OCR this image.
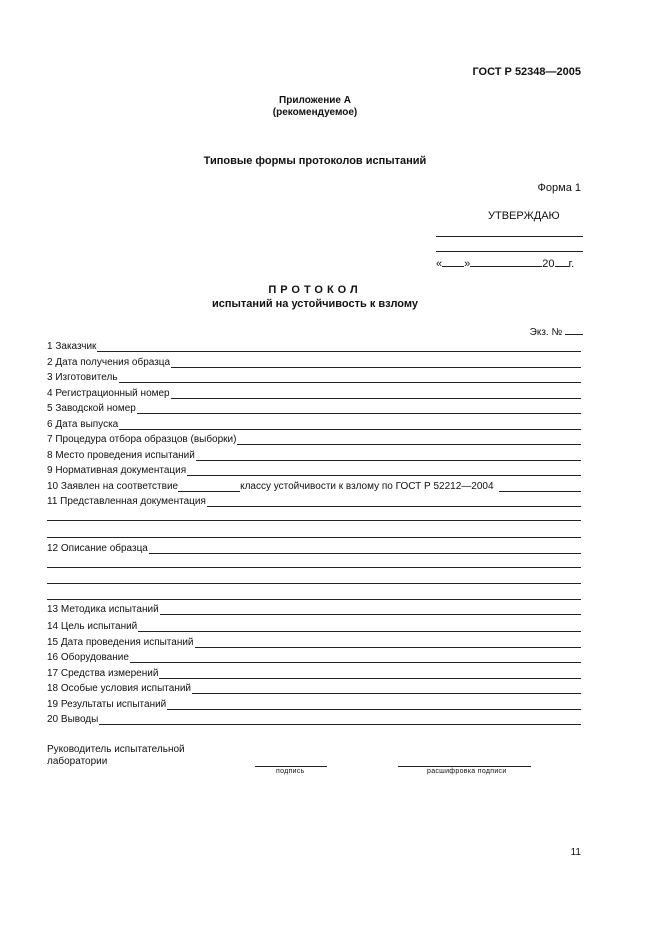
ГОСТ Р 52348—2005
Приложение А
(рекомендуемое)
Типовые формы протоколов испытаний
Форма 1
УТВЕРЖДАЮ
« »	20 г.
ПРОТОКОЛ
испытаний на устойчивость к взлому
Экз. №
1 Заказчик
2 Дата получения образца
3 Изготовитель
4 Регистрационный номер
5 Заводской номер
6 Дата выпуска
7 Процедура отбора образцов (выборки)
8 Место проведения испытаний
9 Нормативная документация
10 Заявлен на соответствие	классу устойчивости к взлому по ГОСТ Р 52212—2004
11 Представленная документация
12 Описание образца
13 Методика испытаний
14 Цель испытаний
15 Дата проведения испытаний
16 Оборудование
17 Средства измерений
18 Особые условия испытаний
19 Результаты испытаний
20 Выводы
Руководитель испытательной
лаборатории
подпись	расшифровка подписи
11
